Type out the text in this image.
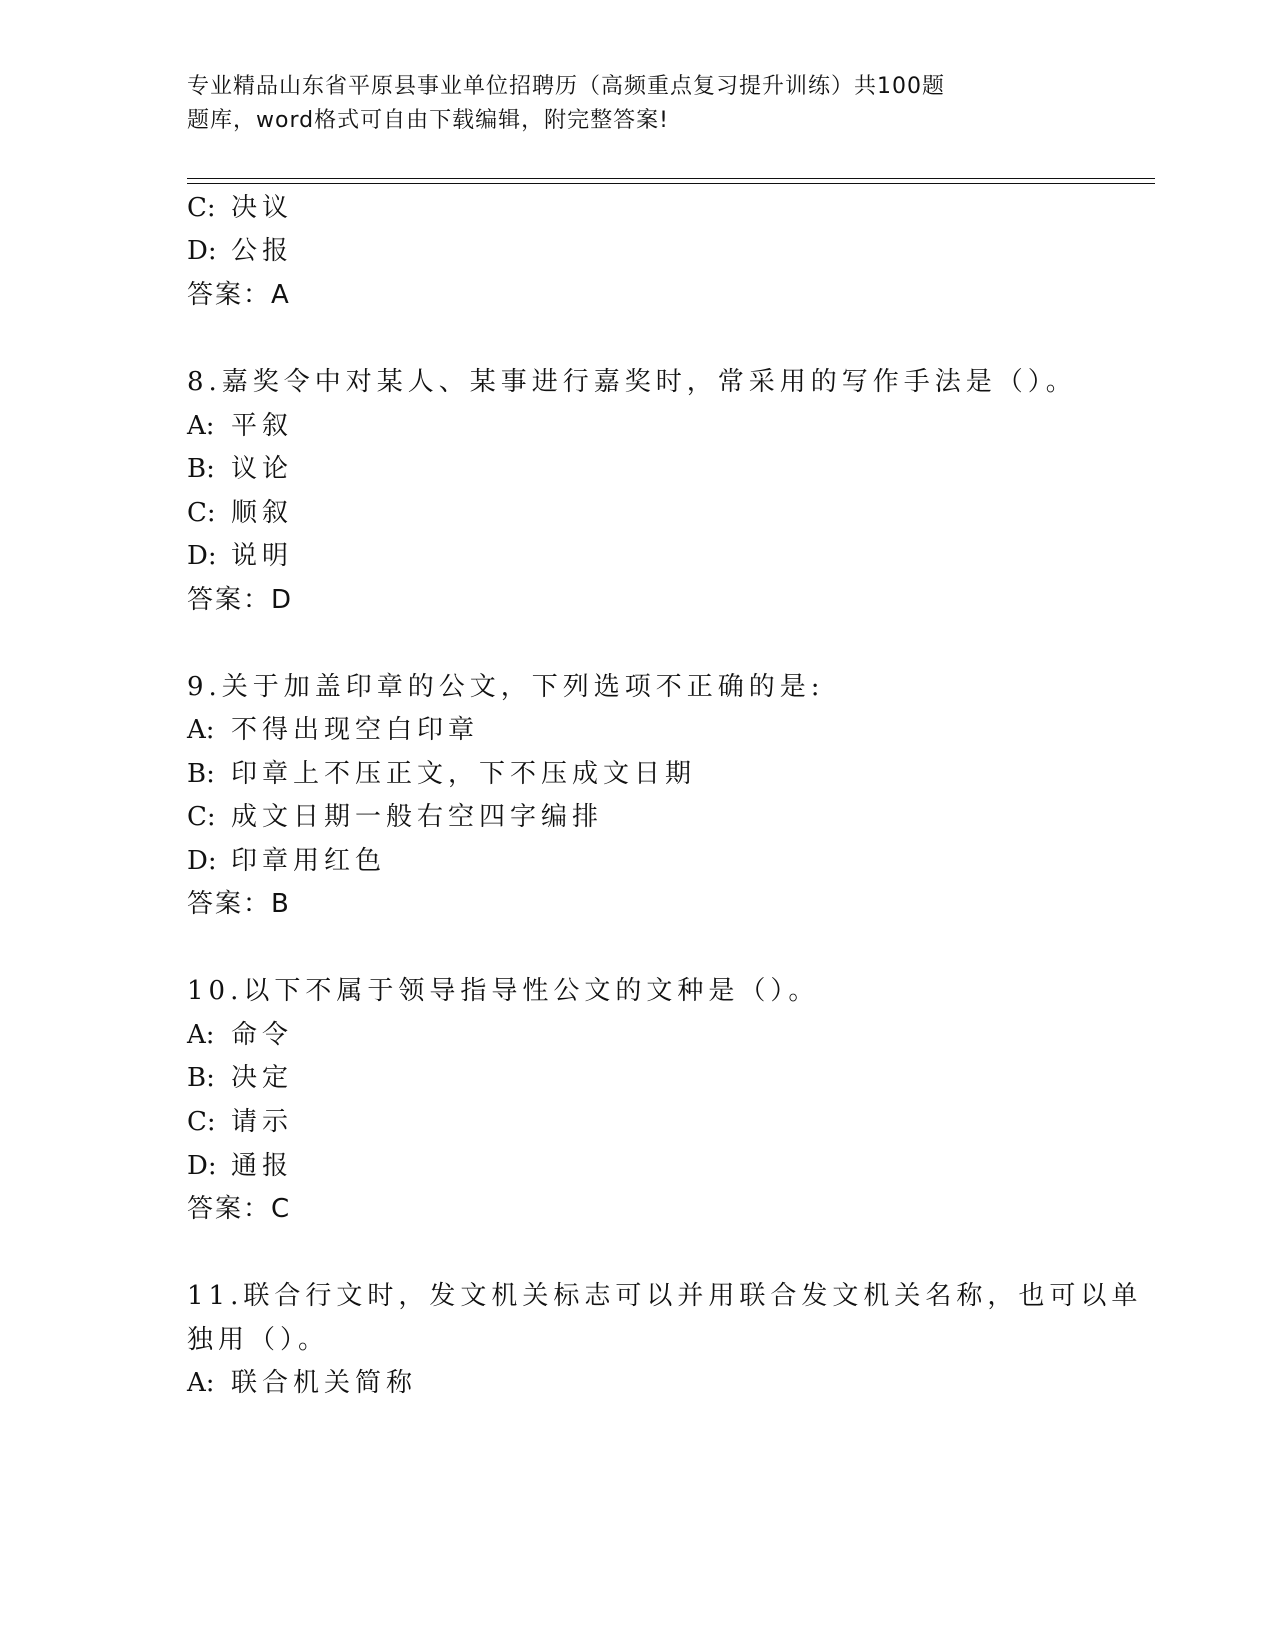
专业精品山东省平原县事业单位招聘历（高频重点复习提升训练）共100题
题库，word格式可自由下载编辑，附完整答案!
C: 决议
D: 公报
答案：A
8.嘉奖令中对某人、某事进行嘉奖时，常采用的写作手法是（）。
A: 平叙
B: 议论
C: 顺叙
D: 说明
答案：D
9.关于加盖印章的公文，下列选项不正确的是:
A: 不得出现空白印章
B: 印章上不压正文，下不压成文日期
C: 成文日期一般右空四字编排
D: 印章用红色
答案：B
10.以下不属于领导指导性公文的文种是（）。
A: 命令
B: 决定
C: 请示
D: 通报
答案：C
11.联合行文时，发文机关标志可以并用联合发文机关名称，也可以单
独用（）。
A: 联合机关简称
